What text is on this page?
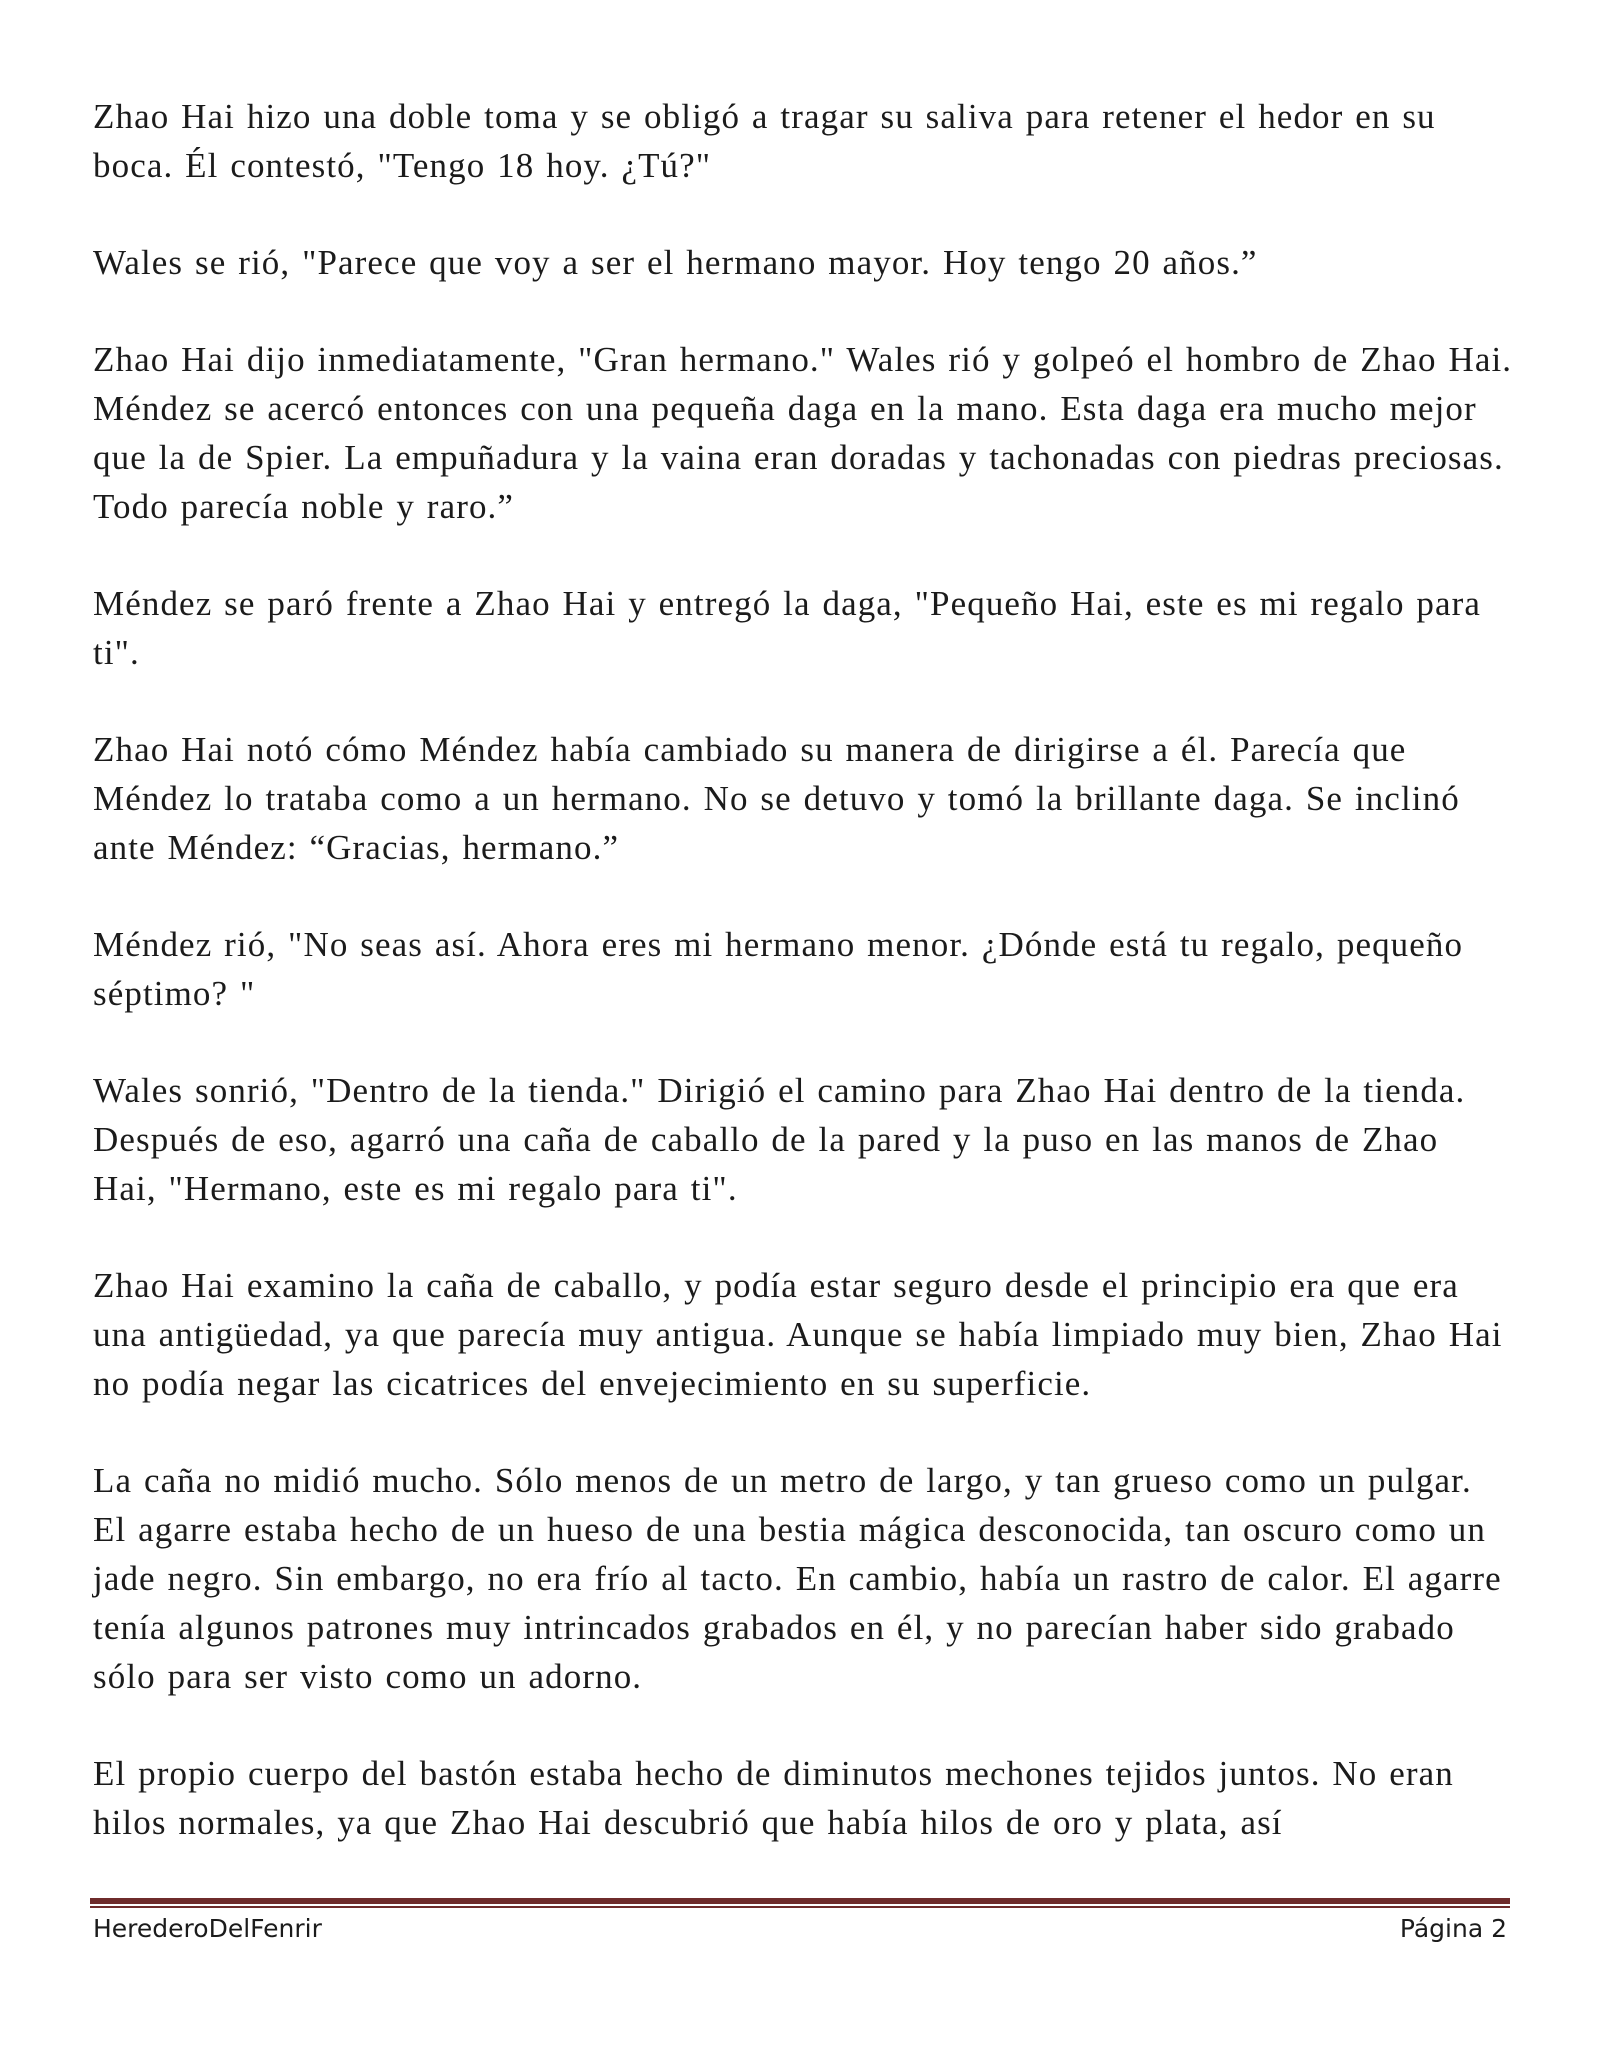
Zhao Hai hizo una doble toma y se obligó a tragar su saliva para retener el hedor en su boca. Él contestó, "Tengo 18 hoy. ¿Tú?"

Wales se rió, "Parece que voy a ser el hermano mayor. Hoy tengo 20 años.”

Zhao Hai dijo inmediatamente, "Gran hermano." Wales rió y golpeó el hombro de Zhao Hai. Méndez se acercó entonces con una pequeña daga en la mano. Esta daga era mucho mejor que la de Spier. La empuñadura y la vaina eran doradas y tachonadas con piedras preciosas. Todo parecía noble y raro.”

Méndez se paró frente a Zhao Hai y entregó la daga, "Pequeño Hai, este es mi regalo para ti".

Zhao Hai notó cómo Méndez había cambiado su manera de dirigirse a él. Parecía que Méndez lo trataba como a un hermano. No se detuvo y tomó la brillante daga. Se inclinó ante Méndez: “Gracias, hermano.”

Méndez rió, "No seas así. Ahora eres mi hermano menor. ¿Dónde está tu regalo, pequeño séptimo? "

Wales sonrió, "Dentro de la tienda." Dirigió el camino para Zhao Hai dentro de la tienda. Después de eso, agarró una caña de caballo de la pared y la puso en las manos de Zhao Hai, "Hermano, este es mi regalo para ti".

Zhao Hai examino la caña de caballo, y podía estar seguro desde el principio era que era una antigüedad, ya que parecía muy antigua. Aunque se había limpiado muy bien, Zhao Hai no podía negar las cicatrices del envejecimiento en su superficie.

La caña no midió mucho. Sólo menos de un metro de largo, y tan grueso como un pulgar. El agarre estaba hecho de un hueso de una bestia mágica desconocida, tan oscuro como un jade negro. Sin embargo, no era frío al tacto. En cambio, había un rastro de calor. El agarre tenía algunos patrones muy intrincados grabados en él, y no parecían haber sido grabado sólo para ser visto como un adorno.

El propio cuerpo del bastón estaba hecho de diminutos mechones tejidos juntos. No eran hilos normales, ya que Zhao Hai descubrió que había hilos de oro y plata, así

HerederoDelFenrir	Página 2
